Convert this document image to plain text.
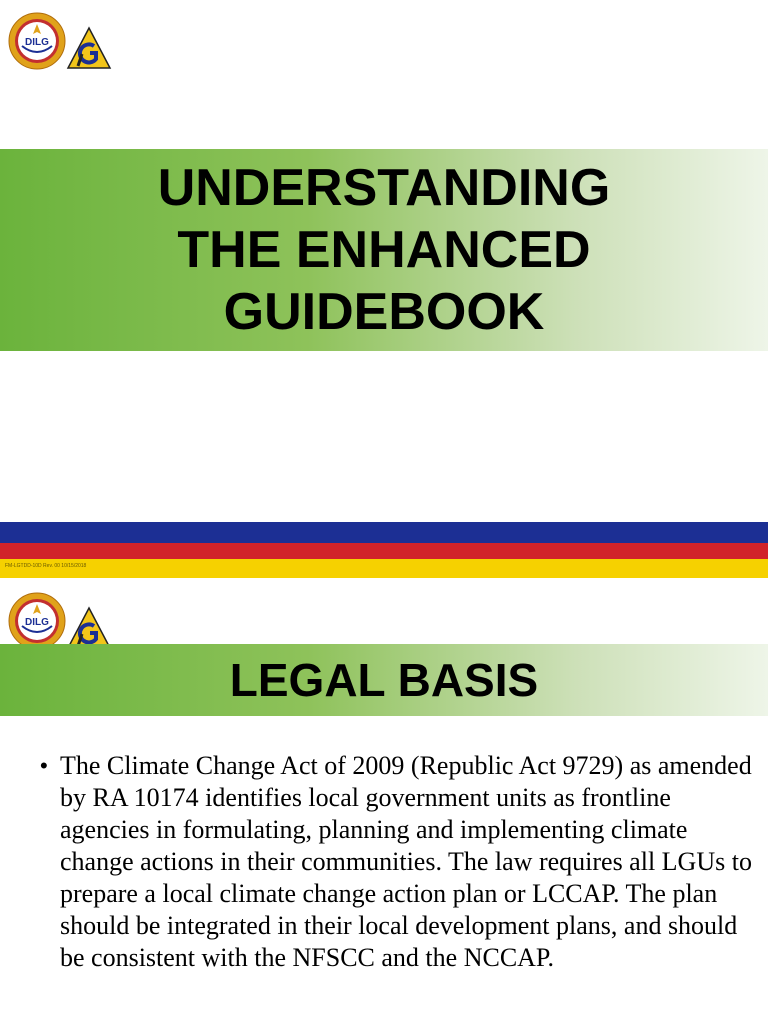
DILG
UNDERSTANDING
THE ENHANCED
GUIDEBOOK
FM-LGTDD-10D Rev. 00 10/15/2018
DILG
LEGAL BASIS
• The Climate Change Act of 2009 (Republic Act 9729) as amended by RA 10174 identifies local government units as frontline agencies in formulating, planning and implementing climate change actions in their communities. The law requires all LGUs to prepare a local climate change action plan or LCCAP. The plan should be integrated in their local development plans, and should be consistent with the NFSCC and the NCCAP.
